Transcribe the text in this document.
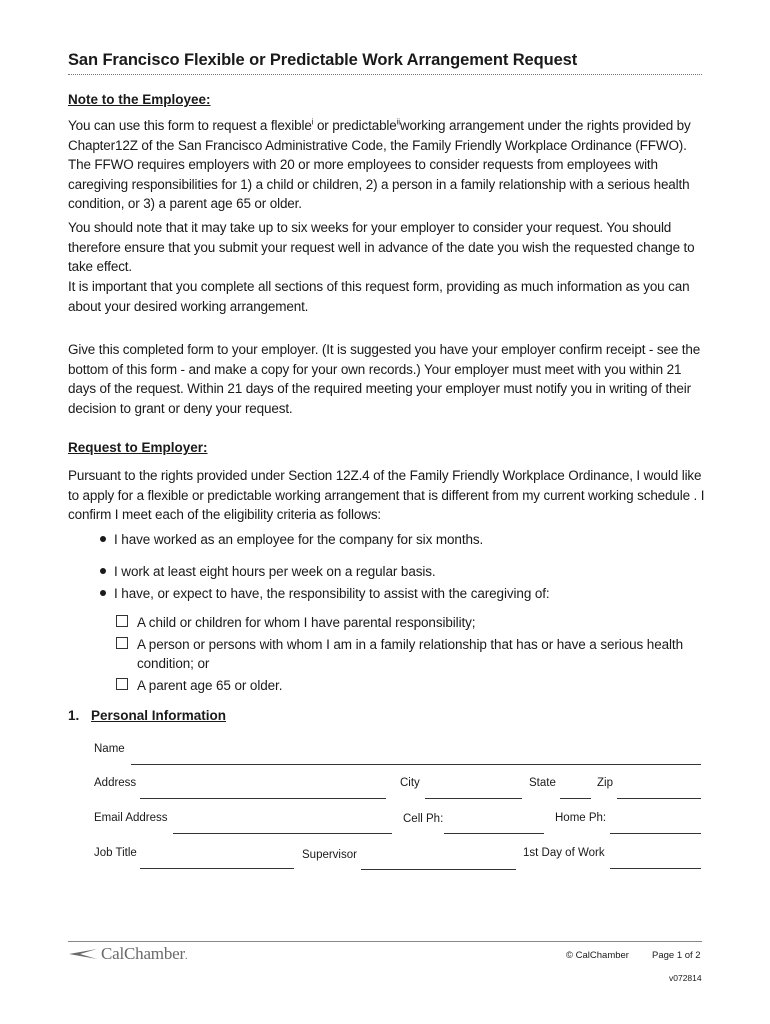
San Francisco Flexible or Predictable Work Arrangement Request
Note to the Employee:
You can use this form to request a flexible$^i$ or predictable$^{ii}$working arrangement under the rights provided by Chapter12Z of the San Francisco Administrative Code, the Family Friendly Workplace Ordinance (FFWO). The FFWO requires employers with 20 or more employees to consider requests from employees with caregiving responsibilities for 1) a child or children, 2) a person in a family relationship with a serious health condition, or 3) a parent age 65 or older.
You should note that it may take up to six weeks for your employer to consider your request. You should therefore ensure that you submit your request well in advance of the date you wish the requested change to take effect.
It is important that you complete all sections of this request form, providing as much information as you can about your desired working arrangement.
Give this completed form to your employer. (It is suggested you have your employer confirm receipt - see the bottom of this form - and make a copy for your own records.) Your employer must meet with you within 21 days of the request. Within 21 days of the required meeting your employer must notify you in writing of their decision to grant or deny your request.
Request to Employer:
Pursuant to the rights provided under Section 12Z.4 of the Family Friendly Workplace Ordinance, I would like to apply for a flexible or predictable working arrangement that is different from my current working schedule . I confirm I meet each of the eligibility criteria as follows:
I have worked as an employee for the company for six months.
I work at least eight hours per week on a regular basis.
I have, or expect to have, the responsibility to assist with the caregiving of:
A child or children for whom I have parental responsibility;
A person or persons with whom I am in a family relationship that has or have a serious health condition; or
A parent age 65 or older.
1. Personal Information
Name
Address	City	State	Zip
Email Address	Cell Ph:	Home Ph:
Job Title	Supervisor	1st Day of Work
CalChamber.	© CalChamber Page 1 of 2
v072814
